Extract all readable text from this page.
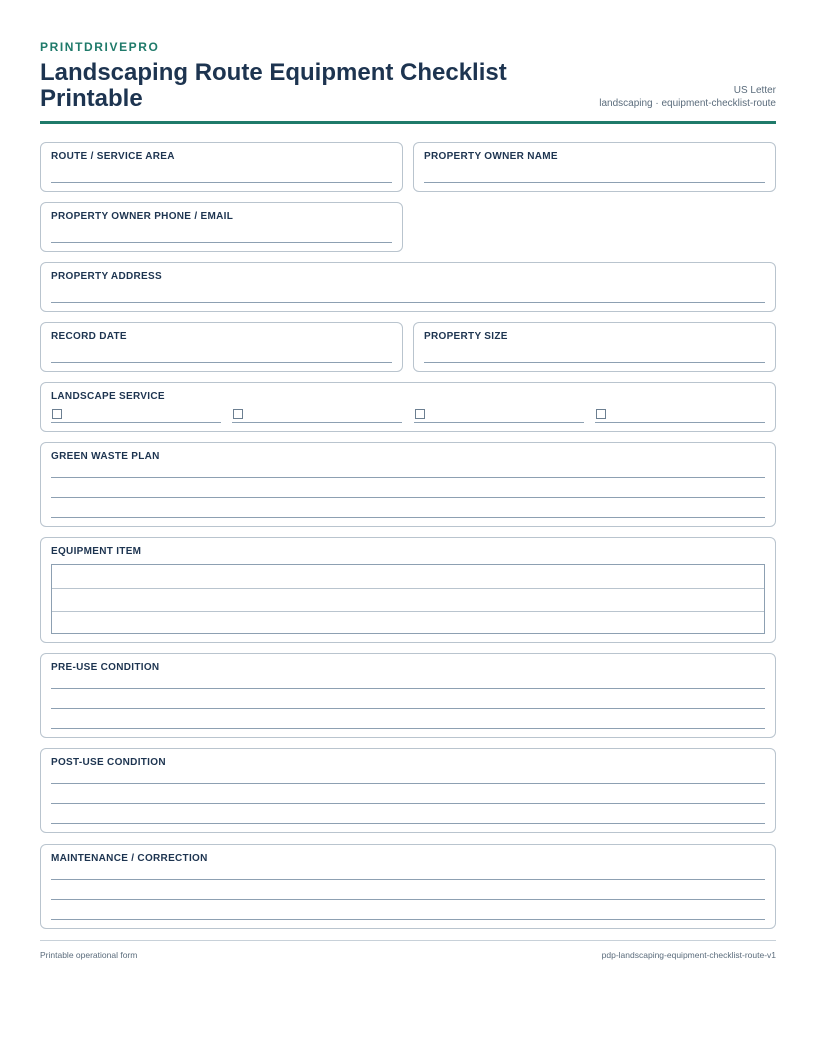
PRINTDRIVEPRO
Landscaping Route Equipment Checklist Printable	US Letter
landscaping · equipment-checklist-route
ROUTE / SERVICE AREA	PROPERTY OWNER NAME
PROPERTY OWNER PHONE / EMAIL
PROPERTY ADDRESS
RECORD DATE	PROPERTY SIZE
LANDSCAPE SERVICE
GREEN WASTE PLAN
EQUIPMENT ITEM
PRE-USE CONDITION
POST-USE CONDITION
MAINTENANCE / CORRECTION
Printable operational form	pdp-landscaping-equipment-checklist-route-v1
